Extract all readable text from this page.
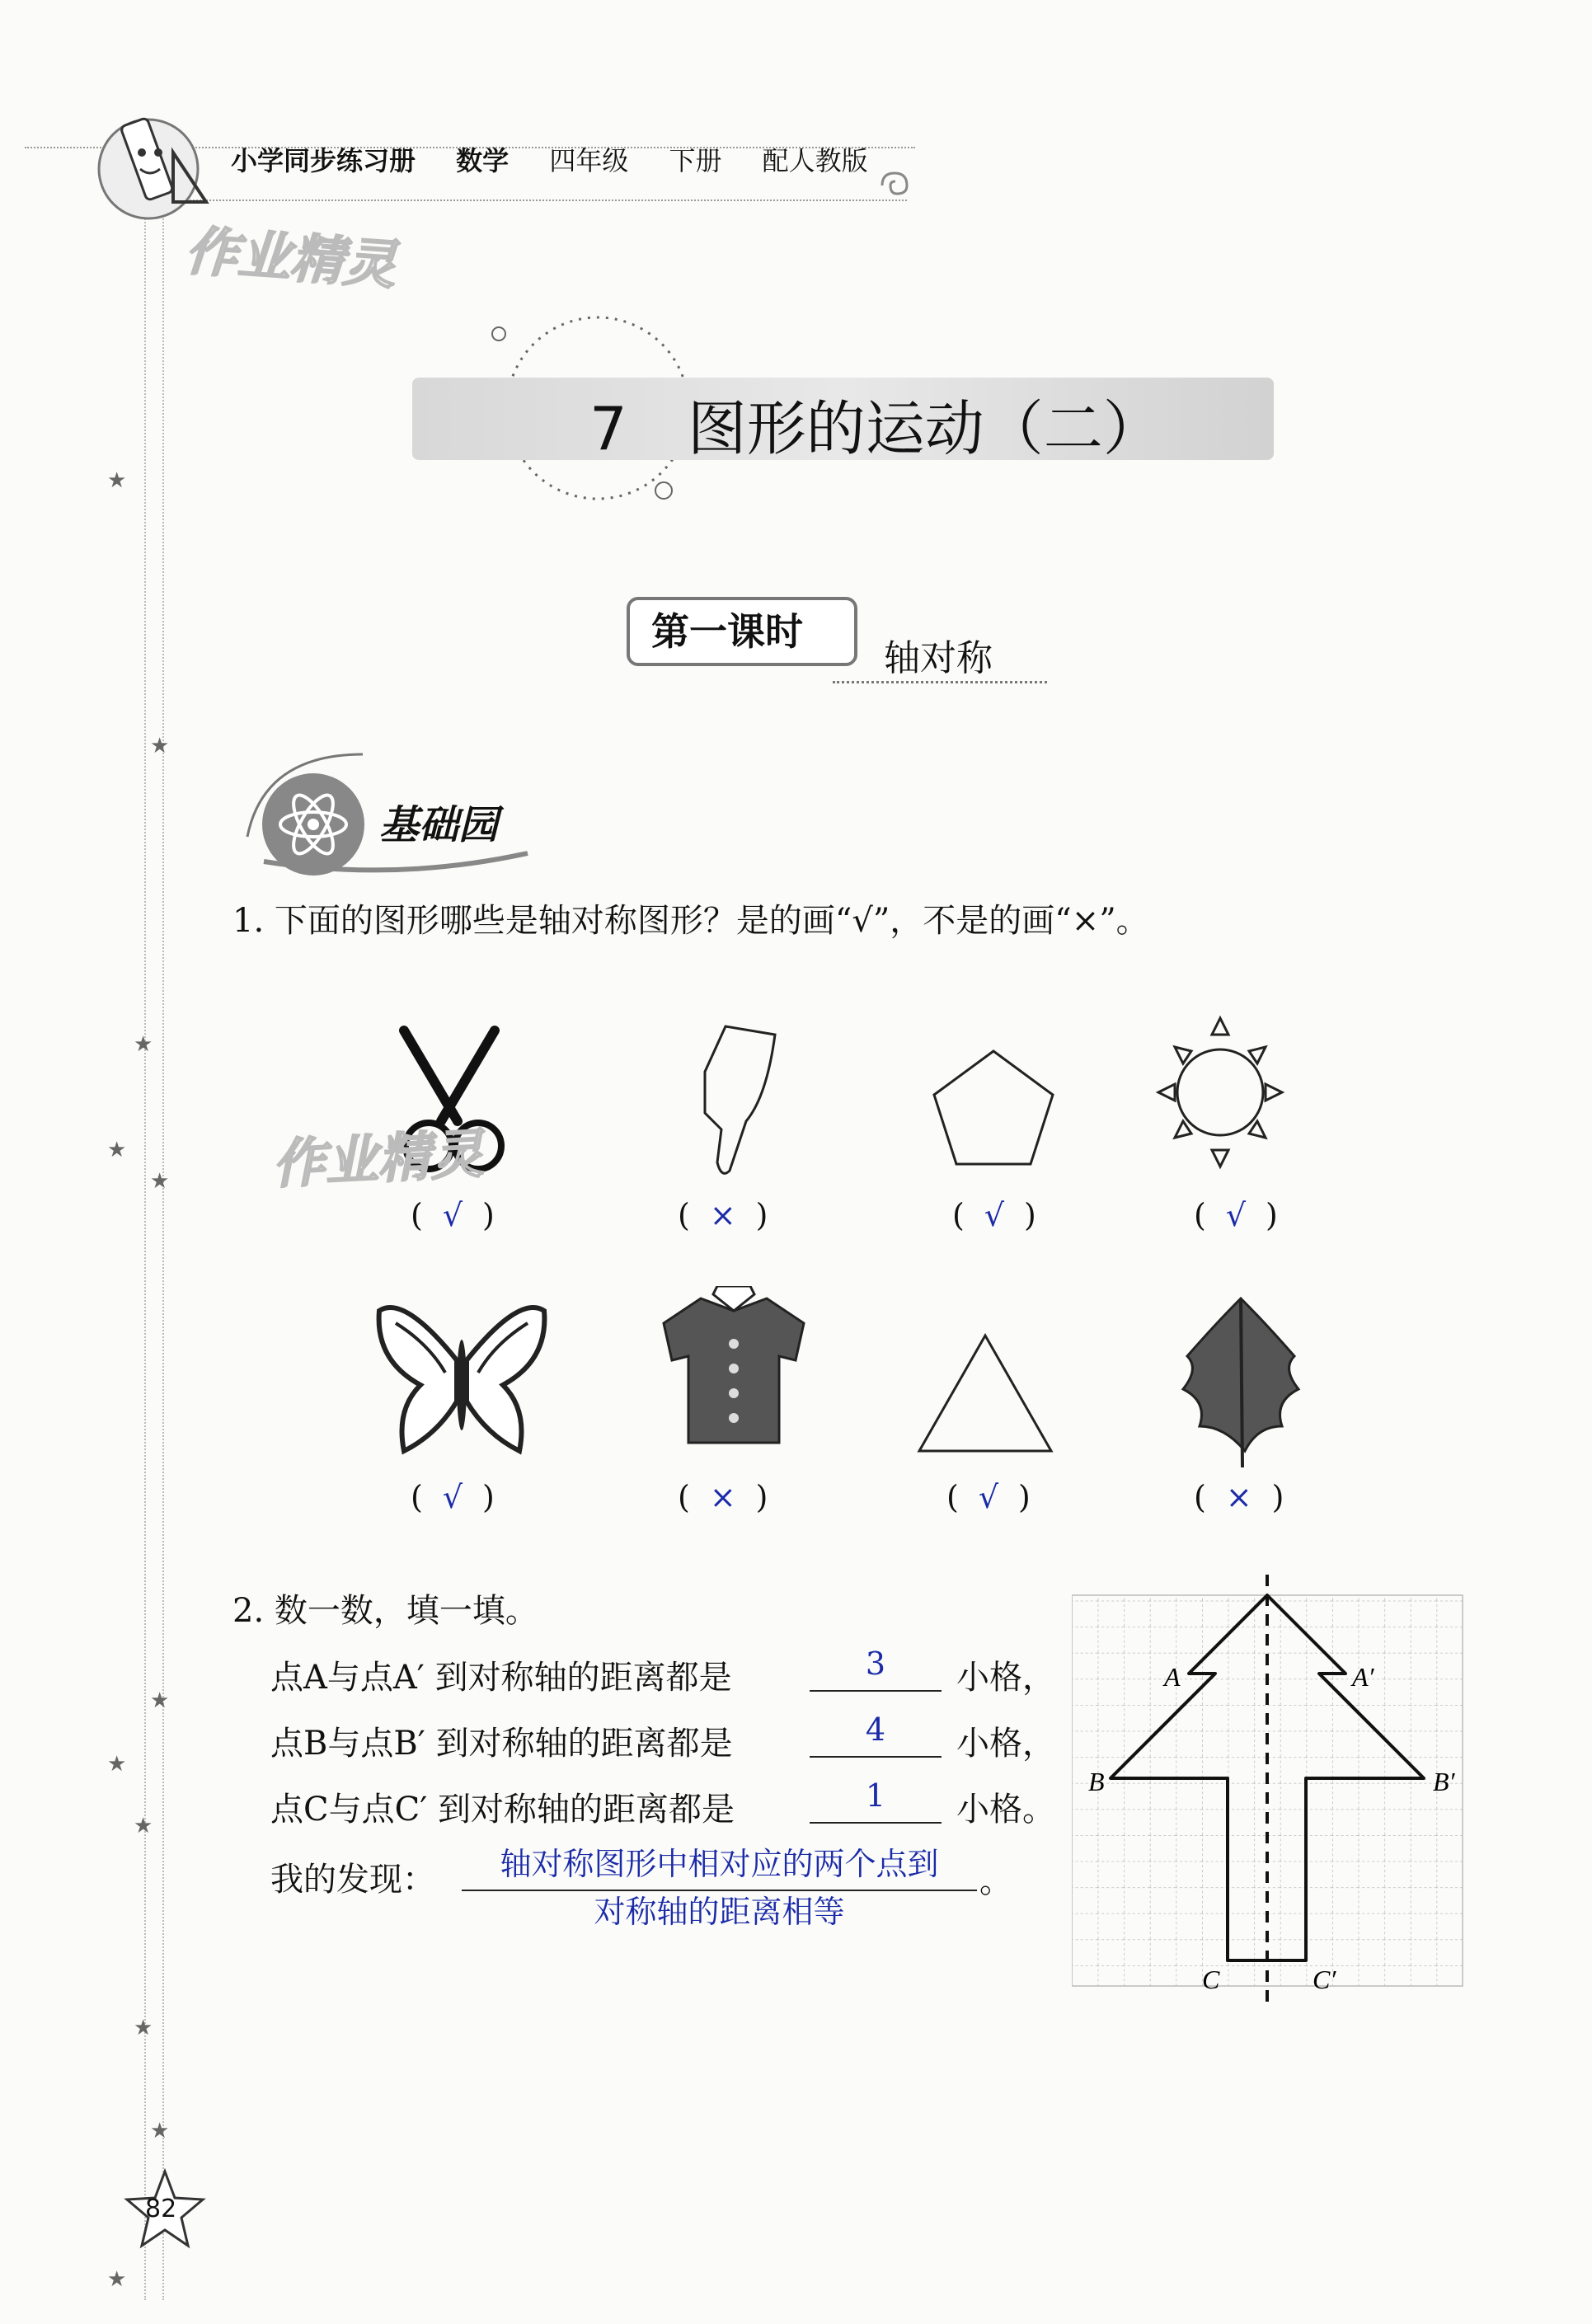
★
★
★
★
★
★
★
★
★
★
★
小学同步练习册 数学 四年级 下册 配人教版
作业精灵
7 图形的运动（二）
第一课时
轴对称
基础园
1. 下面的图形哪些是轴对称图形？是的画“√”，不是的画“×”。
作业精灵
( √ )	( × )	( √ )	( √ )
( √ )	( × )	( √ )	( × )
2. 数一数，填一填。
点A与点A′ 到对称轴的距离都是	3	小格，
点B与点B′ 到对称轴的距离都是	4	小格，
点C与点C′ 到对称轴的距离都是	1	小格。
我的发现：	轴对称图形中相对应的两个点到
对称轴的距离相等
。
A	A′
B	B′
C	C′
82
